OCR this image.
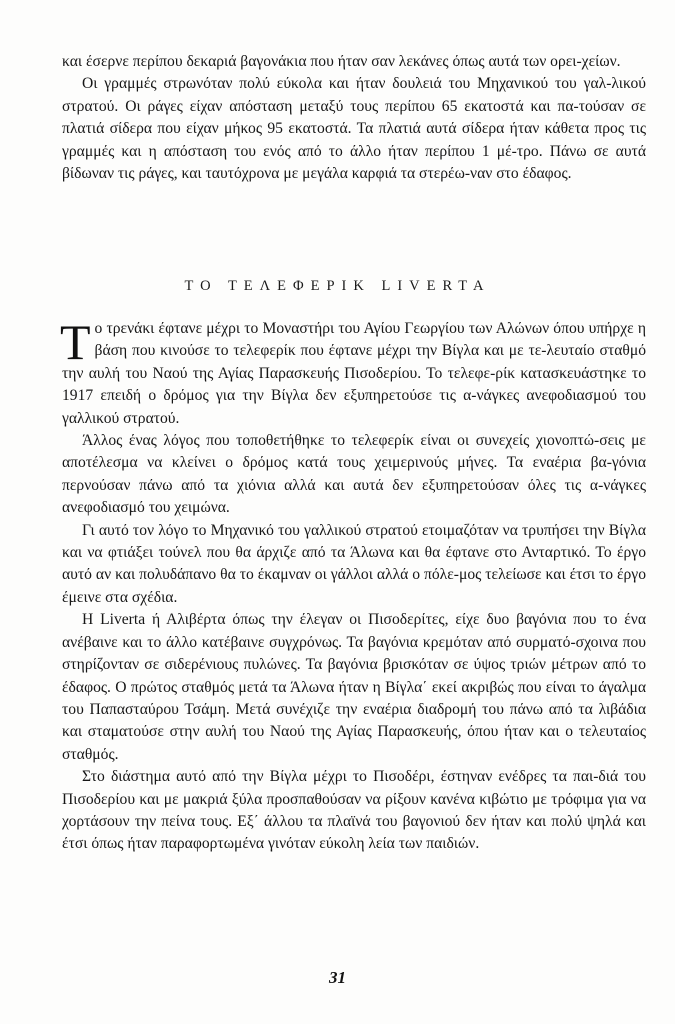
και έσερνε περίπου δεκαριά βαγονάκια που ήταν σαν λεκάνες όπως αυτά των ορει-χείων.

Οι γραμμές στρωνόταν πολύ εύκολα και ήταν δουλειά του Μηχανικού του γαλ-λικού στρατού. Οι ράγες είχαν απόσταση μεταξύ τους περίπου 65 εκατοστά και πα-τούσαν σε πλατιά σίδερα που είχαν μήκος 95 εκατοστά. Τα πλατιά αυτά σίδερα ήταν κάθετα προς τις γραμμές και η απόσταση του ενός από το άλλο ήταν περίπου 1 μέ-τρο. Πάνω σε αυτά βίδωναν τις ράγες, και ταυτόχρονα με μεγάλα καρφιά τα στερέω-ναν στο έδαφος.

ΤΟ ΤΕΛΕΦΕΡΙΚ LIVERTA

Το τρενάκι έφτανε μέχρι το Μοναστήρι του Αγίου Γεωργίου των Αλώνων όπου υπήρχε η βάση που κινούσε το τελεφερίκ που έφτανε μέχρι την Βίγλα και με τε-λευταίο σταθμό την αυλή του Ναού της Αγίας Παρασκευής Πισοδερίου. Το τελεφε-ρίκ κατασκευάστηκε το 1917 επειδή ο δρόμος για την Βίγλα δεν εξυπηρετούσε τις α-νάγκες ανεφοδιασμού του γαλλικού στρατού.

Άλλος ένας λόγος που τοποθετήθηκε το τελεφερίκ είναι οι συνεχείς χιονοπτώ-σεις με αποτέλεσμα να κλείνει ο δρόμος κατά τους χειμερινούς μήνες. Τα εναέρια βα-γόνια περνούσαν πάνω από τα χιόνια αλλά και αυτά δεν εξυπηρετούσαν όλες τις α-νάγκες ανεφοδιασμό του χειμώνα.

Γι αυτό τον λόγο το Μηχανικό του γαλλικού στρατού ετοιμαζόταν να τρυπήσει την Βίγλα και να φτιάξει τούνελ που θα άρχιζε από τα Άλωνα και θα έφτανε στο Ανταρτικό. Το έργο αυτό αν και πολυδάπανο θα το έκαμναν οι γάλλοι αλλά ο πόλε-μος τελείωσε και έτσι το έργο έμεινε στα σχέδια.

Η Liverta ή Αλιβέρτα όπως την έλεγαν οι Πισοδερίτες, είχε δυο βαγόνια που το ένα ανέβαινε και το άλλο κατέβαινε συγχρόνως. Τα βαγόνια κρεμόταν από συρματό-σχοινα που στηρίζονταν σε σιδερένιους πυλώνες. Τα βαγόνια βρισκόταν σε ύψος τριών μέτρων από το έδαφος. Ο πρώτος σταθμός μετά τα Άλωνα ήταν η Βίγλα΄ εκεί ακριβώς που είναι το άγαλμα του Παπασταύρου Τσάμη. Μετά συνέχιζε την εναέρια διαδρομή του πάνω από τα λιβάδια και σταματούσε στην αυλή του Ναού της Αγίας Παρασκευής, όπου ήταν και ο τελευταίος σταθμός.

Στο διάστημα αυτό από την Βίγλα μέχρι το Πισοδέρι, έστηναν ενέδρες τα παι-διά του Πισοδερίου και με μακριά ξύλα προσπαθούσαν να ρίξουν κανένα κιβώτιο με τρόφιμα για να χορτάσουν την πείνα τους. Εξ΄ άλλου τα πλαϊνά του βαγονιού δεν ήταν και πολύ ψηλά και έτσι όπως ήταν παραφορτωμένα γινόταν εύκολη λεία των παιδιών.

31
